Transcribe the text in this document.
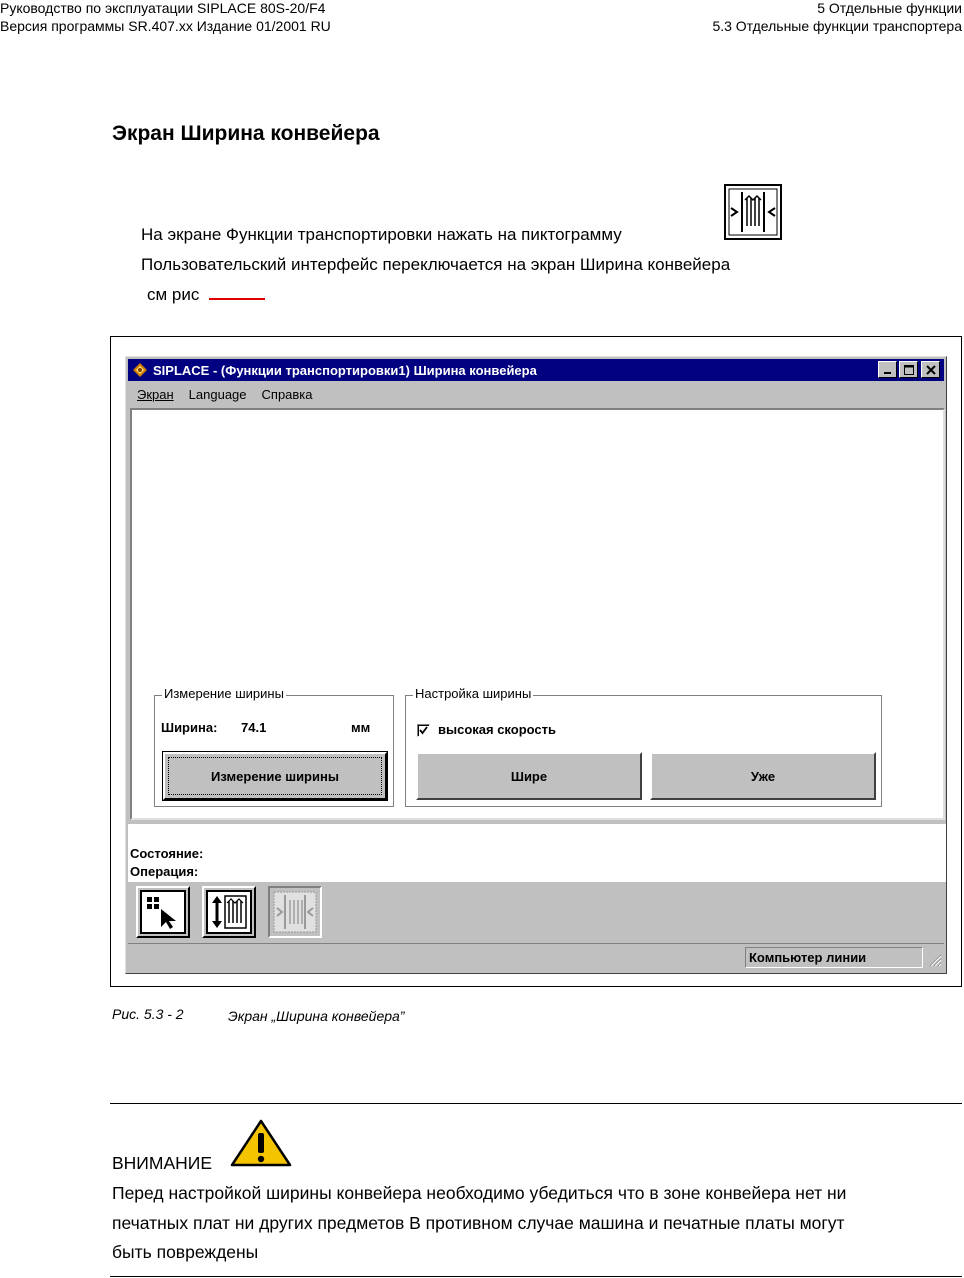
Руководство по эксплуатации SIPLACE 80S-20/F4
Версия программы SR.407.xx Издание 01/2001 RU
5 Отдельные функции
5.3 Отдельные функции транспортера
Экран Ширина конвейера
На экране Функции транспортировки нажать на пиктограмму
Пользовательский интерфейс переключается на экран Ширина конвейера
см рис
SIPLACE - (Функции транспортировки1) Ширина конвейера
Экран Language Справка
Измерение ширины
Ширина: 74.1	мм
Измерение ширины
Настройка ширины
высокая скорость
Шире	Уже
Состояние:
Операция:
Компьютер линии
Рис. 5.3 - 2	Экран „Ширина конвейера”
ВНИМАНИЕ
Перед настройкой ширины конвейера необходимо убедиться что в зоне конвейера нет ни
печатных плат ни других предметов В противном случае машина и печатные платы могут
быть повреждены
